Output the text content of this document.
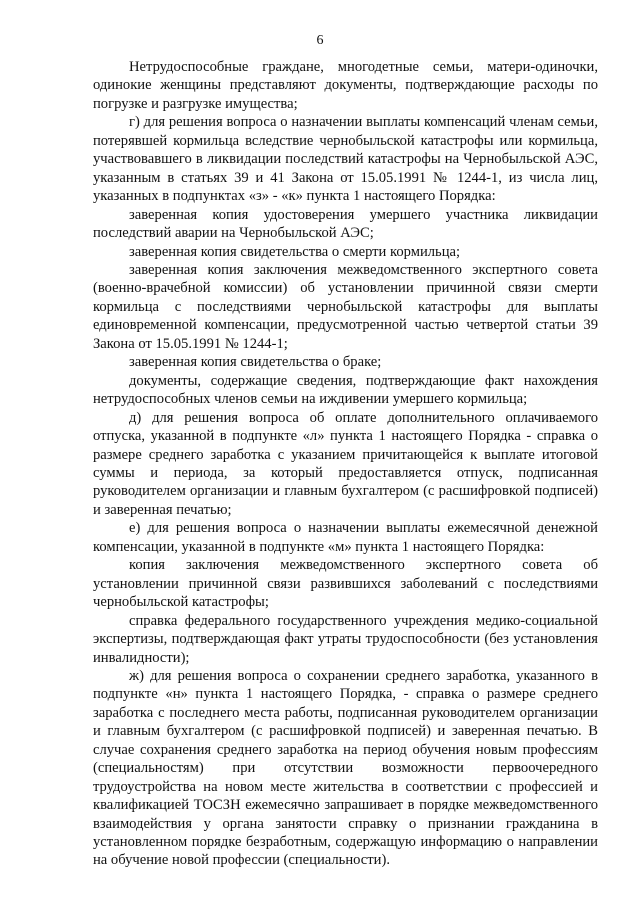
6

Нетрудоспособные граждане, многодетные семьи, матери-одиночки, одинокие женщины представляют документы, подтверждающие расходы по погрузке и разгрузке имущества;

г) для решения вопроса о назначении выплаты компенсаций членам семьи, потерявшей кормильца вследствие чернобыльской катастрофы или кормильца, участвовавшего в ликвидации последствий катастрофы на Чернобыльской АЭС, указанным в статьях 39 и 41 Закона от 15.05.1991 № 1244-1, из числа лиц, указанных в подпунктах «з» - «к» пункта 1 настоящего Порядка:

заверенная копия удостоверения умершего участника ликвидации последствий аварии на Чернобыльской АЭС;

заверенная копия свидетельства о смерти кормильца;

заверенная копия заключения межведомственного экспертного совета (военно-врачебной комиссии) об установлении причинной связи смерти кормильца с последствиями чернобыльской катастрофы для выплаты единовременной компенсации, предусмотренной частью четвертой статьи 39 Закона от 15.05.1991 № 1244-1;

заверенная копия свидетельства о браке;

документы, содержащие сведения, подтверждающие факт нахождения нетрудоспособных членов семьи на иждивении умершего кормильца;

д) для решения вопроса об оплате дополнительного оплачиваемого отпуска, указанной в подпункте «л» пункта 1 настоящего Порядка - справка о размере среднего заработка с указанием причитающейся к выплате итоговой суммы и периода, за который предоставляется отпуск, подписанная руководителем организации и главным бухгалтером (с расшифровкой подписей) и заверенная печатью;

е) для решения вопроса о назначении выплаты ежемесячной денежной компенсации, указанной в подпункте «м» пункта 1 настоящего Порядка:

копия заключения межведомственного экспертного совета об установлении причинной связи развившихся заболеваний с последствиями чернобыльской катастрофы;

справка федерального государственного учреждения медико-социальной экспертизы, подтверждающая факт утраты трудоспособности (без установления инвалидности);

ж) для решения вопроса о сохранении среднего заработка, указанного в подпункте «н» пункта 1 настоящего Порядка, - справка о размере среднего заработка с последнего места работы, подписанная руководителем организации и главным бухгалтером (с расшифровкой подписей) и заверенная печатью. В случае сохранения среднего заработка на период обучения новым профессиям (специальностям) при отсутствии возможности первоочередного трудоустройства на новом месте жительства в соответствии с профессией и квалификацией ТОСЗН ежемесячно запрашивает в порядке межведомственного взаимодействия у органа занятости справку о признании гражданина в установленном порядке безработным, содержащую информацию о направлении на обучение новой профессии (специальности).
